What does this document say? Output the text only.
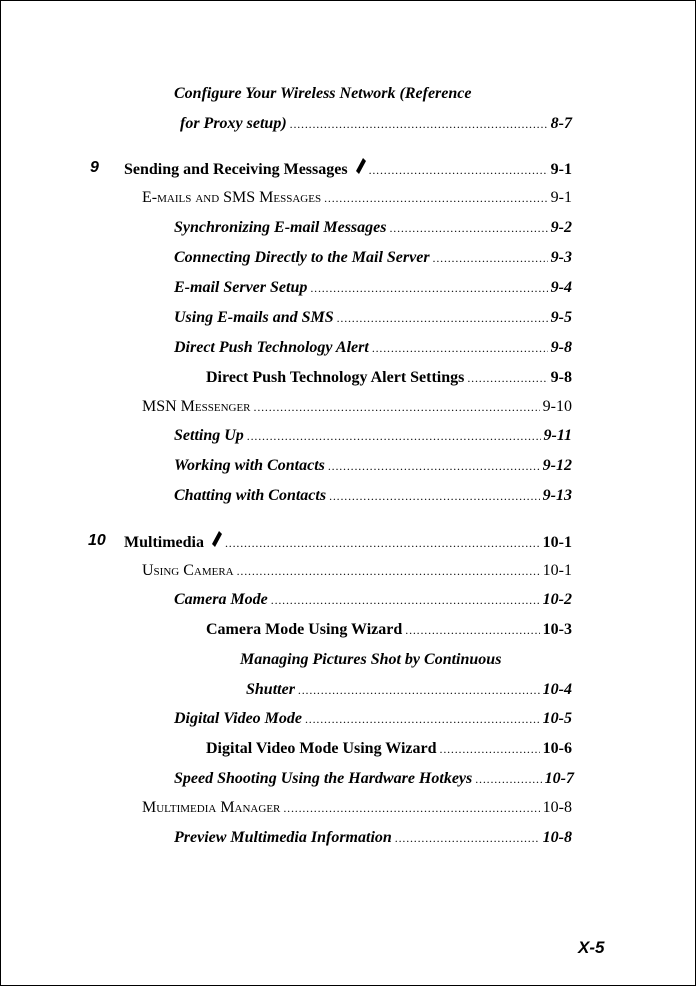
Configure Your Wireless Network (Reference
for Proxy setup) . . .	8-7
9 Sending and Receiving Messages . . .	9-1
E-mails and SMS Messages . . .	9-1
Synchronizing E-mail Messages . . .	9-2
Connecting Directly to the Mail Server . . .	9-3
E-mail Server Setup . . .	9-4
Using E-mails and SMS . . .	9-5
Direct Push Technology Alert . . .	9-8
Direct Push Technology Alert Settings . . .	9-8
MSN Messenger . . .	9-10
Setting Up . . .	9-11
Working with Contacts . . .	9-12
Chatting with Contacts . . .	9-13
10 Multimedia . . .	10-1
Using Camera . . .	10-1
Camera Mode . . .	10-2
Camera Mode Using Wizard . . .	10-3
Managing Pictures Shot by Continuous
Shutter . . .	10-4
Digital Video Mode . . .	10-5
Digital Video Mode Using Wizard . . .	10-6
Speed Shooting Using the Hardware Hotkeys . . .	10-7
Multimedia Manager . . .	10-8
Preview Multimedia Information . . .	10-8
X-5
